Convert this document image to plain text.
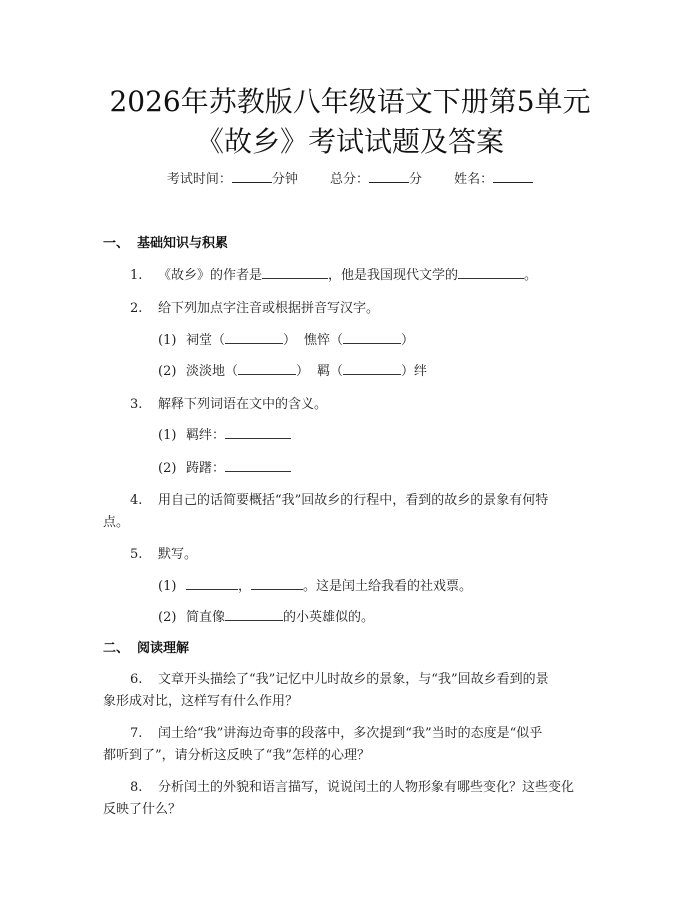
2026年苏教版八年级语文下册第5单元《故乡》考试试题及答案
考试时间：	分钟 总分：	分 姓名：
一、 基础知识与积累
1. 《故乡》的作者是	，他是我国现代文学的	。
2. 给下列加点字注音或根据拼音写汉字。
(1) 祠堂（	） 憔悴（	）
(2) 淡淡地（	） 羁（	）绊
3. 解释下列词语在文中的含义。
(1) 羁绊：
(2) 踌躇：
4. 用自己的话简要概括“我”回故乡的行程中，看到的故乡的景象有何特
点。
5. 默写。
(1)	，	。这是闰土给我看的社戏票。
(2) 简直像	的小英雄似的。
二、 阅读理解
6. 文章开头描绘了“我”记忆中儿时故乡的景象，与“我”回故乡看到的景
象形成对比，这样写有什么作用？
7. 闰土给“我”讲海边奇事的段落中，多次提到“我”当时的态度是“似乎
都听到了”，请分析这反映了“我”怎样的心理？
8. 分析闰土的外貌和语言描写，说说闰土的人物形象有哪些变化？这些变化
反映了什么？
